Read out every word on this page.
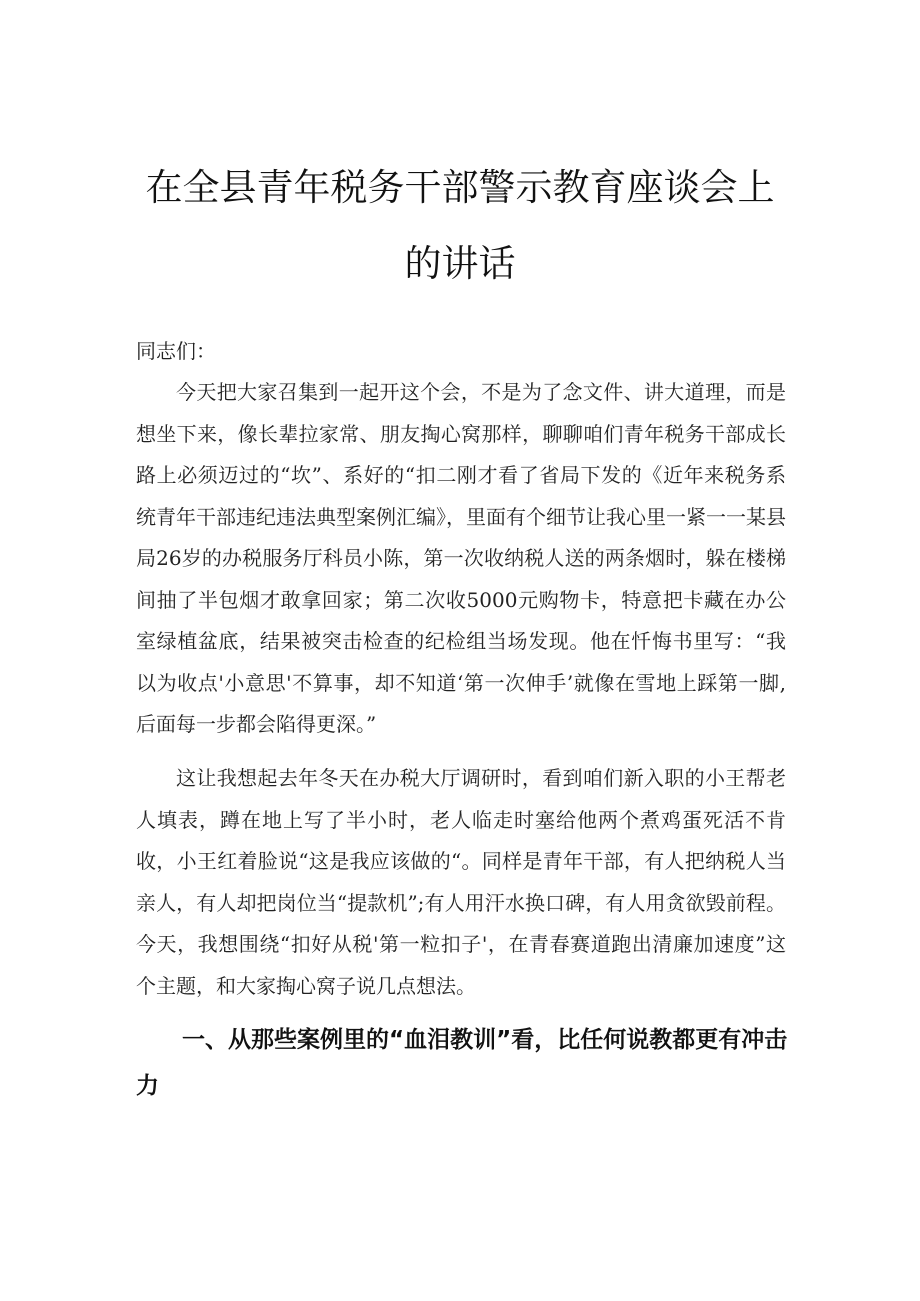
在全县青年税务干部警示教育座谈会上的讲话

同志们：

今天把大家召集到一起开这个会，不是为了念文件、讲大道理，而是想坐下来，像长辈拉家常、朋友掏心窝那样，聊聊咱们青年税务干部成长路上必须迈过的“坎”、系好的“扣二刚才看了省局下发的《近年来税务系统青年干部违纪违法典型案例汇编》，里面有个细节让我心里一紧一一某县局26岁的办税服务厅科员小陈，第一次收纳税人送的两条烟时，躲在楼梯间抽了半包烟才敢拿回家；第二次收5000元购物卡，特意把卡藏在办公室绿植盆底，结果被突击检查的纪检组当场发现。他在忏悔书里写：“我以为收点'小意思'不算事，却不知道‘第一次伸手’就像在雪地上踩第一脚,后面每一步都会陷得更深。”

这让我想起去年冬天在办税大厅调研时，看到咱们新入职的小王帮老人填表，蹲在地上写了半小时，老人临走时塞给他两个煮鸡蛋死活不肯收，小王红着脸说“这是我应该做的“。同样是青年干部，有人把纳税人当亲人，有人却把岗位当“提款机”;有人用汗水换口碑，有人用贪欲毁前程。今天，我想围绕“扣好从税'第一粒扣子'，在青春赛道跑出清廉加速度”这个主题，和大家掏心窝子说几点想法。

一、从那些案例里的“血泪教训”看，比任何说教都更有冲击力
